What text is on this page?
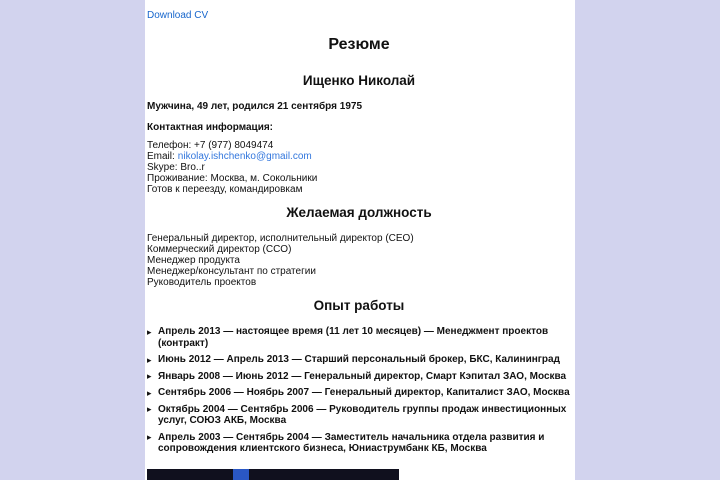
Download CV
Резюме
Ищенко Николай
Мужчина, 49 лет, родился 21 сентября 1975
Контактная информация:
Телефон: +7 (977) 8049474
Email: nikolay.ishchenko@gmail.com
Skype: Bro..r
Проживание: Москва, м. Сокольники
Готов к переезду, командировкам
Желаемая должность
Генеральный директор, исполнительный директор (CEO)
Коммерческий директор (CCO)
Менеджер продукта
Менеджер/консультант по стратегии
Руководитель проектов
Опыт работы
▸ Апрель 2013 — настоящее время (11 лет 10 месяцев) — Менеджмент проектов (контракт)
▸ Июнь 2012 — Апрель 2013 — Старший персональный брокер, БКС, Калининград
▸ Январь 2008 — Июнь 2012 — Генеральный директор, Смарт Кэпитал ЗАО, Москва
▸ Сентябрь 2006 — Ноябрь 2007 — Генеральный директор, Капиталист ЗАО, Москва
▸ Октябрь 2004 — Сентябрь 2006 — Руководитель группы продаж инвестиционных услуг, СОЮЗ АКБ, Москва
▸ Апрель 2003 — Сентябрь 2004 — Заместитель начальника отдела развития и сопровождения клиентского бизнеса, Юниаструмбанк КБ, Москва
